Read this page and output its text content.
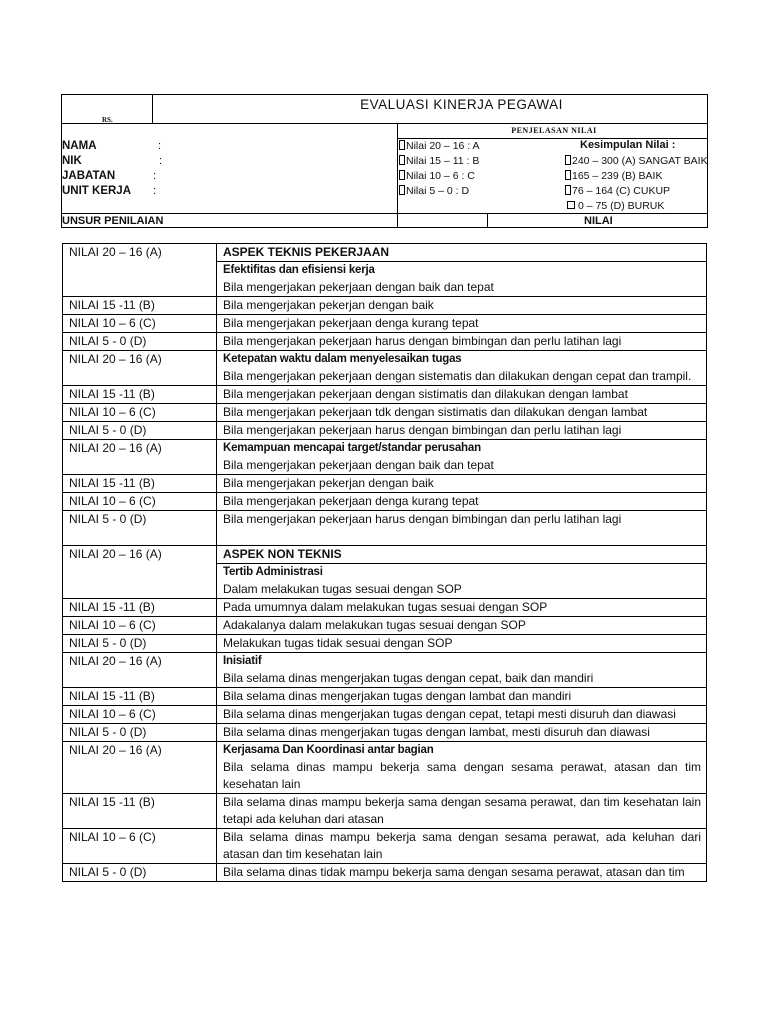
RS.
EVALUASI KINERJA PEGAWAI
PENJELASAN NILAI
NAMA	:
NIK	:
JABATAN	:
UNIT KERJA :
Nilai 20 – 16 : A
Nilai 15 – 11 : B
Nilai 10 – 6 : C
Nilai 5 – 0 : D
Kesimpulan Nilai :
240 – 300 (A) SANGAT BAIK
165 – 239 (B) BAIK
76 – 164 (C) CUKUP
0 – 75 (D) BURUK
UNSUR PENILAIAN	NILAI
NILAI 20 – 16 (A)	ASPEK TEKNIS PEKERJAAN
Efektifitas dan efisiensi kerja
Bila mengerjakan pekerjaan dengan baik dan tepat

NILAI 15 -11 (B)	Bila mengerjakan pekerjan dengan baik

NILAI 10 – 6 (C)	Bila mengerjakan pekerjaan denga kurang tepat

NILAI 5 - 0 (D)	Bila mengerjakan pekerjaan harus dengan bimbingan dan perlu latihan lagi

NILAI 20 – 16 (A)	Ketepatan waktu dalam menyelesaikan tugas
Bila mengerjakan pekerjaan dengan sistematis dan dilakukan dengan cepat dan trampil.

NILAI 15 -11 (B)	Bila mengerjakan pekerjaan dengan sistimatis dan dilakukan dengan lambat

NILAI 10 – 6 (C)	Bila mengerjakan pekerjaan tdk dengan sistimatis dan dilakukan dengan lambat

NILAI 5 - 0 (D)	Bila mengerjakan pekerjaan harus dengan bimbingan dan perlu latihan lagi

NILAI 20 – 16 (A)	Kemampuan mencapai target/standar perusahan
Bila mengerjakan pekerjaan dengan baik dan tepat

NILAI 15 -11 (B)	Bila mengerjakan pekerjan dengan baik

NILAI 10 – 6 (C)	Bila mengerjakan pekerjaan denga kurang tepat

NILAI 5 - 0 (D)	Bila mengerjakan pekerjaan harus dengan bimbingan dan perlu latihan lagi

NILAI 20 – 16 (A)	ASPEK NON TEKNIS
Tertib Administrasi
Dalam melakukan tugas sesuai dengan SOP

NILAI 15 -11 (B)	Pada umumnya dalam melakukan tugas sesuai dengan SOP

NILAI 10 – 6 (C)	Adakalanya dalam melakukan tugas sesuai dengan SOP

NILAI 5 - 0 (D)	Melakukan tugas tidak sesuai dengan SOP

NILAI 20 – 16 (A)	Inisiatif
Bila selama dinas mengerjakan tugas dengan cepat, baik dan mandiri

NILAI 15 -11 (B)	Bila selama dinas mengerjakan tugas dengan lambat dan mandiri

NILAI 10 – 6 (C)	Bila selama dinas mengerjakan tugas dengan cepat, tetapi mesti disuruh dan diawasi

NILAI 5 - 0 (D)	Bila selama dinas mengerjakan tugas dengan lambat, mesti disuruh dan diawasi

NILAI 20 – 16 (A)	Kerjasama Dan Koordinasi antar bagian
Bila selama dinas mampu bekerja sama dengan sesama perawat, atasan dan tim kesehatan lain

NILAI 15 -11 (B)	Bila selama dinas mampu bekerja sama dengan sesama perawat, dan tim kesehatan lain tetapi ada keluhan dari atasan

NILAI 10 – 6 (C)	Bila selama dinas mampu bekerja sama dengan sesama perawat, ada keluhan dari atasan dan tim kesehatan lain

NILAI 5 - 0 (D)	Bila selama dinas tidak mampu bekerja sama dengan sesama perawat, atasan dan tim
